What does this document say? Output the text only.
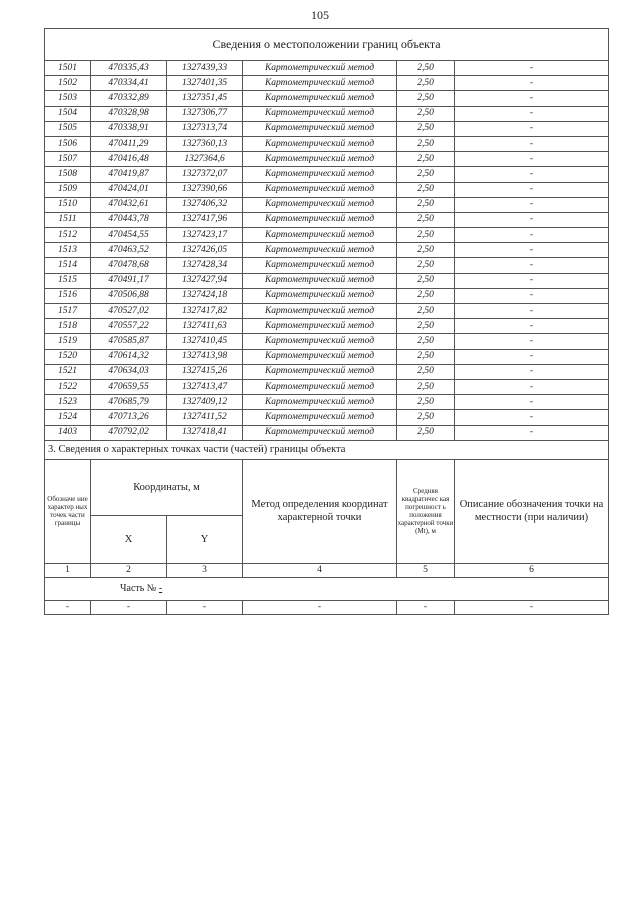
105
Сведения о местоположении границ объекта					
1501	470335,43	1327439,33	Картометрический метод	2,50	-
1502	470334,41	1327401,35	Картометрический метод	2,50	-
1503	470332,89	1327351,45	Картометрический метод	2,50	-
1504	470328,98	1327306,77	Картометрический метод	2,50	-
1505	470338,91	1327313,74	Картометрический метод	2,50	-
1506	470411,29	1327360,13	Картометрический метод	2,50	-
1507	470416,48	1327364,6	Картометрический метод	2,50	-
1508	470419,87	1327372,07	Картометрический метод	2,50	-
1509	470424,01	1327390,66	Картометрический метод	2,50	-
1510	470432,61	1327406,32	Картометрический метод	2,50	-
1511	470443,78	1327417,96	Картометрический метод	2,50	-
1512	470454,55	1327423,17	Картометрический метод	2,50	-
1513	470463,52	1327426,05	Картометрический метод	2,50	-
1514	470478,68	1327428,34	Картометрический метод	2,50	-
1515	470491,17	1327427,94	Картометрический метод	2,50	-
1516	470506,88	1327424,18	Картометрический метод	2,50	-
1517	470527,02	1327417,82	Картометрический метод	2,50	-
1518	470557,22	1327411,63	Картометрический метод	2,50	-
1519	470585,87	1327410,45	Картометрический метод	2,50	-
1520	470614,32	1327413,98	Картометрический метод	2,50	-
1521	470634,03	1327415,26	Картометрический метод	2,50	-
1522	470659,55	1327413,47	Картометрический метод	2,50	-
1523	470685,79	1327409,12	Картометрический метод	2,50	-
1524	470713,26	1327411,52	Картометрический метод	2,50	-
1403	470792,02	1327418,41	Картометрический метод	2,50	-
3. Сведения о характерных точках части (частей) границы объекта					
Обозначе ние характер ных точек части границы	Координаты, м		Метод определения координат характерной точки	Средняя квадратичес кая погрешност ь положения характерной точки (Mt), м	Описание обозначения точки на местности (при наличии)
	X	Y			
1	2	3	4	5	6
Часть № -					
-	-	-	-	-	-
